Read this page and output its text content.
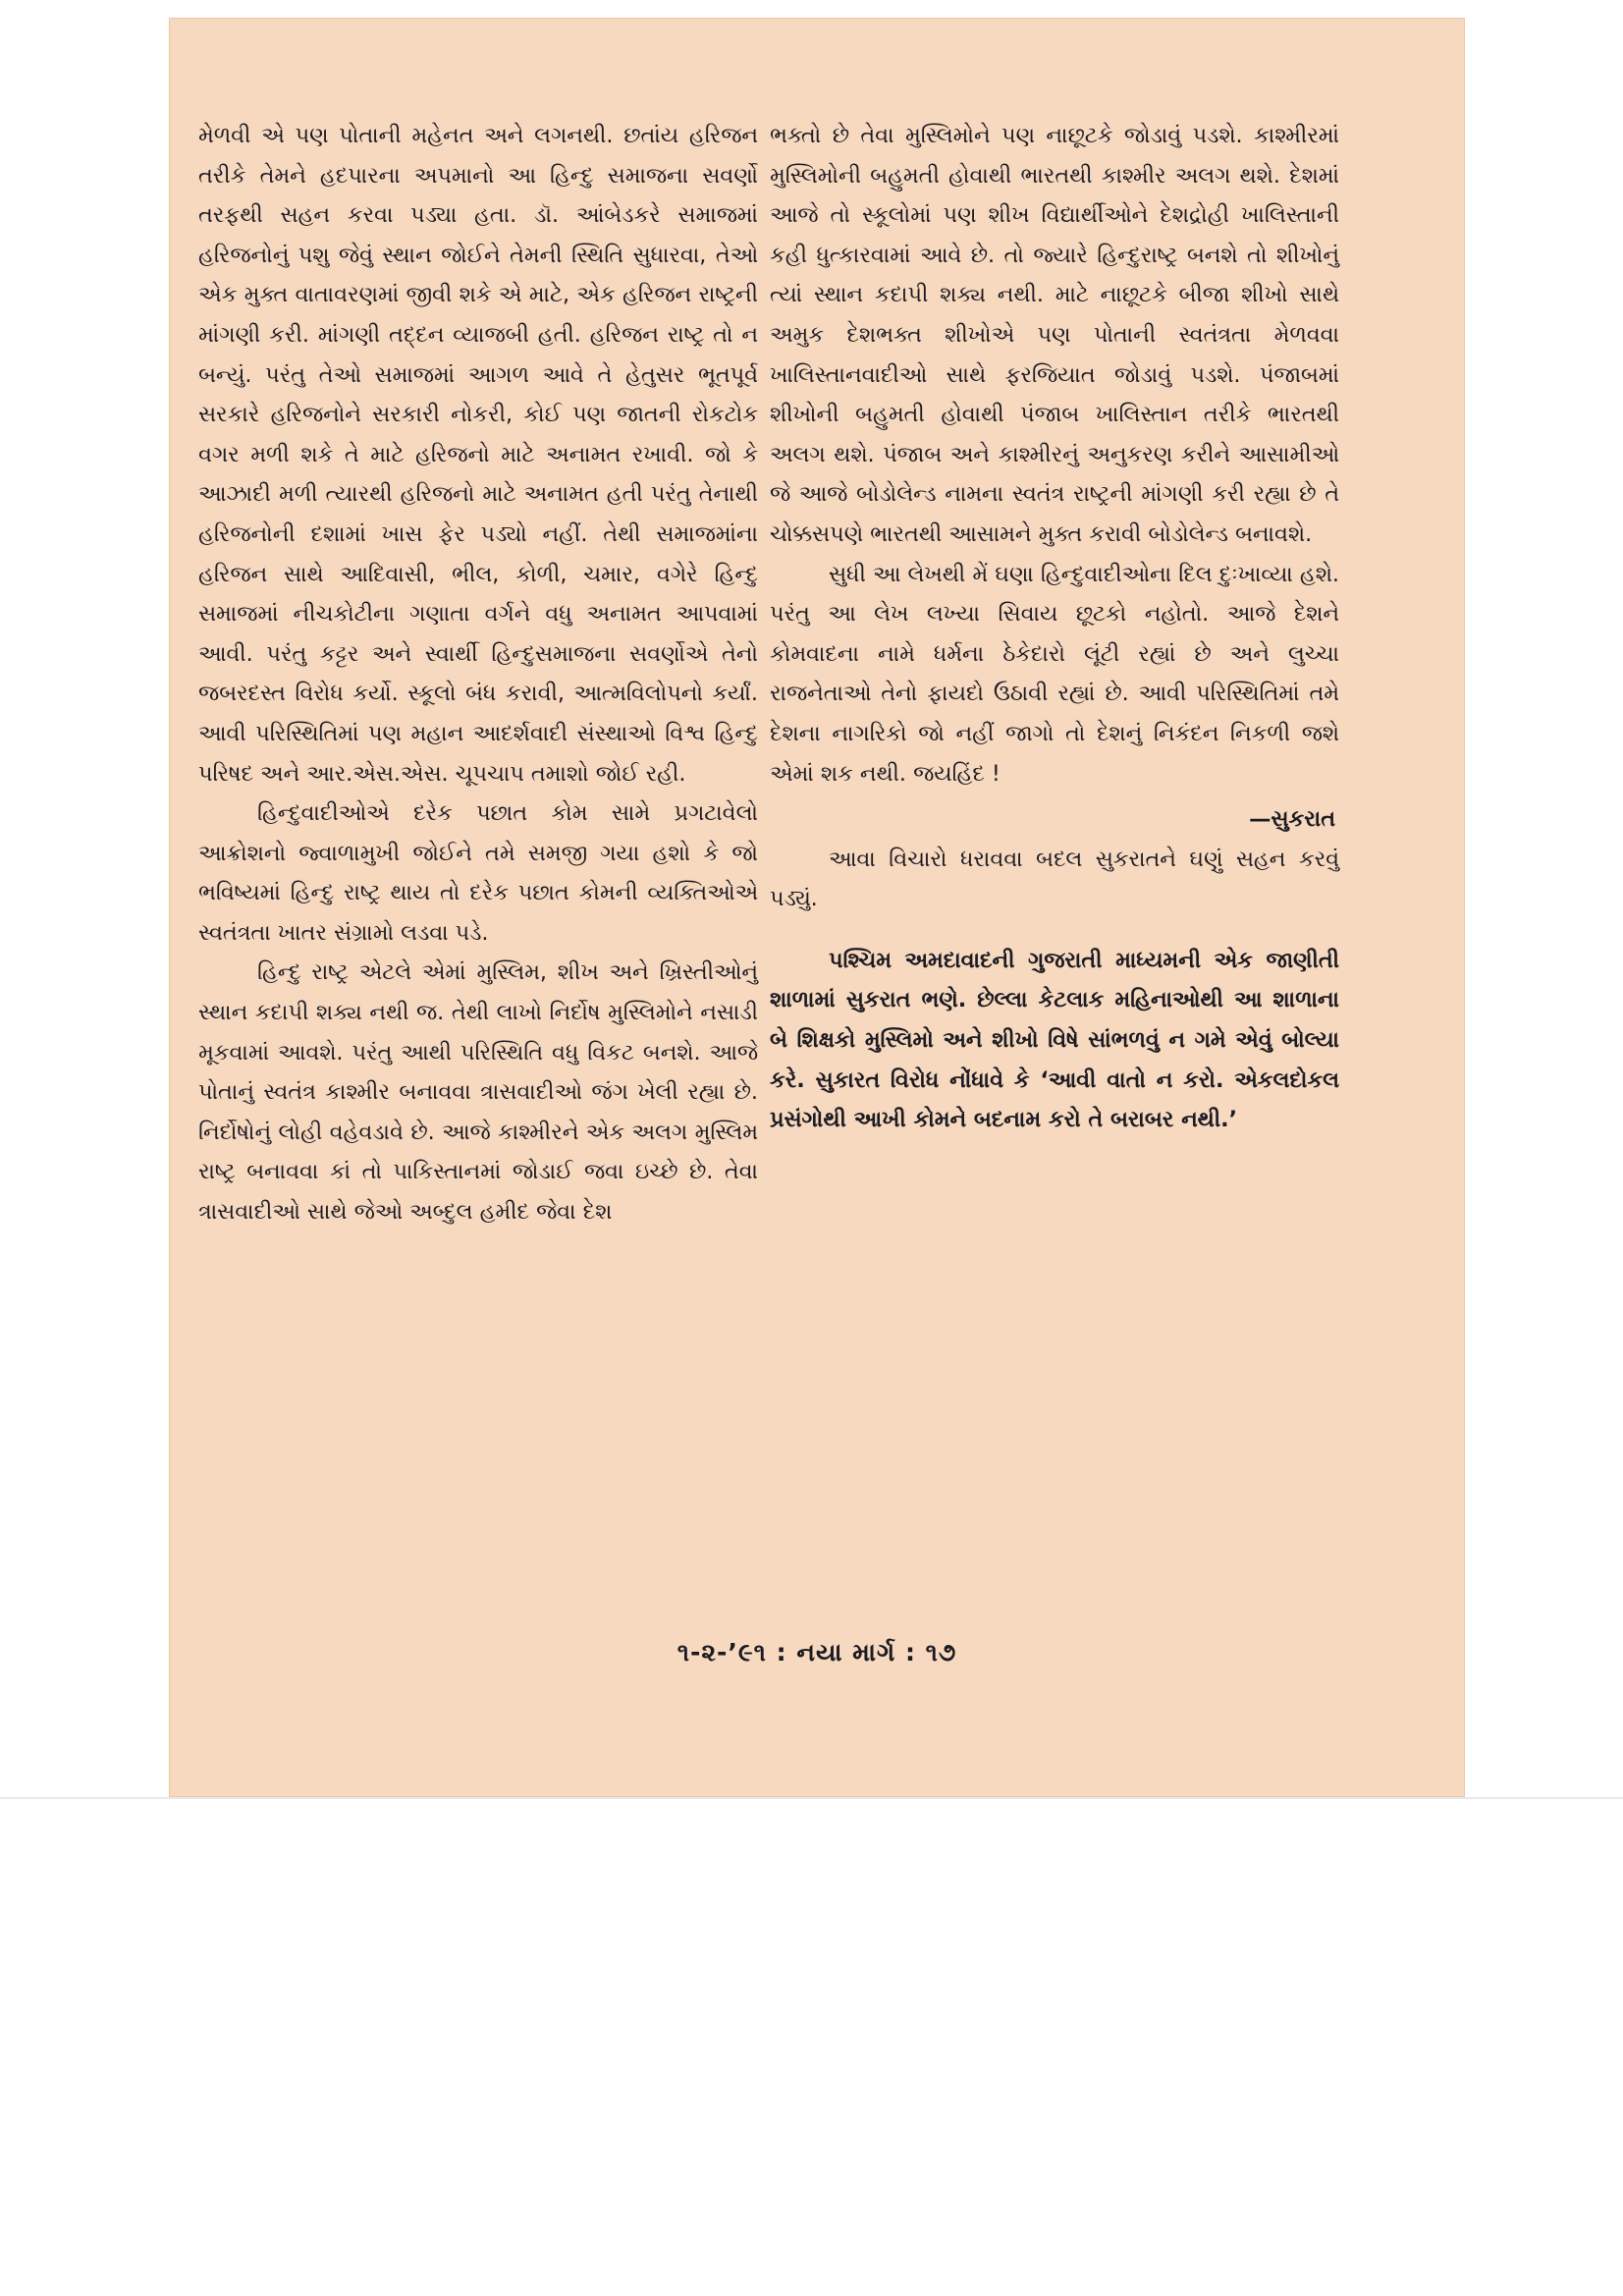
મેળવી એ પણ પોતાની મહેનત અને લગનથી. છતાંય હરિજન તરીકે તેમને હદપારના અપમાનો આ હિન્દુ સમાજના સવર્ણો તરફથી સહન કરવા પડ્યા હતા. ડૉ. આંબેડકરે સમાજમાં હરિજનોનું પશુ જેવું સ્થાન જોઈને તેમની સ્થિતિ સુધારવા, તેઓ એક મુક્ત વાતાવરણમાં જીવી શકે એ માટે, એક હરિજન રાષ્ટ્રની માંગણી કરી. માંગણી તદ્દન વ્યાજબી હતી. હરિજન રાષ્ટ્ર તો ન બન્યું. પરંતુ તેઓ સમાજમાં આગળ આવે તે હેતુસર ભૂતપૂર્વ સરકારે હરિજનોને સરકારી નોકરી, કોઈ પણ જાતની રોકટોક વગર મળી શકે તે માટે હરિજનો માટે અનામત રખાવી. જો કે આઝાદી મળી ત્યારથી હરિજનો માટે અનામત હતી પરંતુ તેનાથી હરિજનોની દશામાં ખાસ ફેર પડ્યો નહીં. તેથી સમાજમાંના હરિજન સાથે આદિવાસી, ભીલ, કોળી, ચમાર, વગેરે હિન્દુ સમાજમાં નીચકોટીના ગણાતા વર્ગને વધુ અનામત આપવામાં આવી. પરંતુ કટ્ટર અને સ્વાર્થી હિન્દુસમાજના સવર્ણોએ તેનો જબરદસ્ત વિરોધ કર્યો. સ્કૂલો બંધ કરાવી, આત્મવિલોપનો કર્યાં. આવી પરિસ્થિતિમાં પણ મહાન આદર્શવાદી સંસ્થાઓ વિશ્વ હિન્દુ પરિષદ અને આર.એસ.એસ. ચૂપચાપ તમાશો જોઈ રહી.

હિન્દુવાદીઓએ દરેક પછાત કોમ સામે પ્રગટાવેલો આક્રોશનો જ્વાળામુખી જોઈને તમે સમજી ગયા હશો કે જો ભવિષ્યમાં હિન્દુ રાષ્ટ્ર થાય તો દરેક પછાત કોમની વ્યક્તિઓએ સ્વતંત્રતા ખાતર સંગ્રામો લડવા પડે.

હિન્દુ રાષ્ટ્ર એટલે એમાં મુસ્લિમ, શીખ અને ખ્રિસ્તીઓનું સ્થાન કદાપી શક્ય નથી જ. તેથી લાખો નિર્દોષ મુસ્લિમોને નસાડી મૂકવામાં આવશે. પરંતુ આથી પરિસ્થિતિ વધુ વિકટ બનશે. આજે પોતાનું સ્વતંત્ર કાશ્મીર બનાવવા ત્રાસવાદીઓ જંગ ખેલી રહ્યા છે. નિર્દોષોનું લોહી વહેવડાવે છે. આજે કાશ્મીરને એક અલગ મુસ્લિમ રાષ્ટ્ર બનાવવા કાં તો પાકિસ્તાનમાં જોડાઈ જવા ઇચ્છે છે. તેવા ત્રાસવાદીઓ સાથે જેઓ અબ્દુલ હમીદ જેવા દેશ

ભક્તો છે તેવા મુસ્લિમોને પણ નાછૂટકે જોડાવું પડશે. કાશ્મીરમાં મુસ્લિમોની બહુમતી હોવાથી ભારતથી કાશ્મીર અલગ થશે. દેશમાં આજે તો સ્કૂલોમાં પણ શીખ વિદ્યાર્થીઓને દેશદ્રોહી ખાલિસ્તાની કહી ધુત્કારવામાં આવે છે. તો જ્યારે હિન્દુરાષ્ટ્ર બનશે તો શીખોનું ત્યાં સ્થાન કદાપી શક્ય નથી. માટે નાછૂટકે બીજા શીખો સાથે અમુક દેશભક્ત શીખોએ પણ પોતાની સ્વતંત્રતા મેળવવા ખાલિસ્તાનવાદીઓ સાથે ફરજિયાત જોડાવું પડશે. પંજાબમાં શીખોની બહુમતી હોવાથી પંજાબ ખાલિસ્તાન તરીકે ભારતથી અલગ થશે. પંજાબ અને કાશ્મીરનું અનુકરણ કરીને આસામીઓ જે આજે બોડોલેન્ડ નામના સ્વતંત્ર રાષ્ટ્રની માંગણી કરી રહ્યા છે તે ચોક્કસપણે ભારતથી આસામને મુક્ત કરાવી બોડોલેન્ડ બનાવશે.

સુધી આ લેખથી મેં ઘણા હિન્દુવાદીઓના દિલ દુઃખાવ્યા હશે. પરંતુ આ લેખ લખ્યા સિવાય છૂટકો નહોતો. આજે દેશને કોમવાદના નામે ધર્મના ઠેકેદારો લૂંટી રહ્યાં છે અને લુચ્ચા રાજનેતાઓ તેનો ફાયદો ઉઠાવી રહ્યાં છે. આવી પરિસ્થિતિમાં તમે દેશના નાગરિકો જો નહીં જાગો તો દેશનું નિકંદન નિકળી જશે એમાં શક નથી. જયહિંદ !

—સુકરાત

આવા વિચારો ધરાવવા બદલ સુકરાતને ઘણું સહન કરવું પડ્યું.

પશ્ચિમ અમદાવાદની ગુજરાતી માધ્યમની એક જાણીતી શાળામાં સુકરાત ભણે. છેલ્લા કેટલાક મહિનાઓથી આ શાળાના બે શિક્ષકો મુસ્લિમો અને શીખો વિષે સાંભળવું ન ગમે એવું બોલ્યા કરે. સુકારત વિરોધ નોંધાવે કે ‘આવી વાતો ન કરો. એકલદોકલ પ્રસંગોથી આખી કોમને બદનામ કરો તે બરાબર નથી.’

૧-૨-’૯૧ : નયા માર્ગ : ૧૭
